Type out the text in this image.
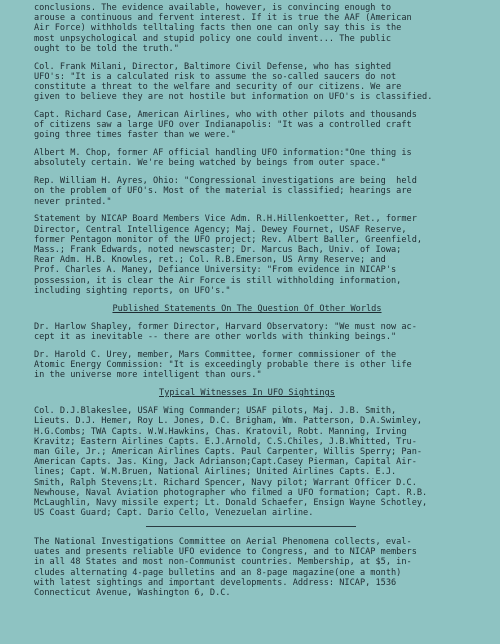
conclusions. The evidence available, however, is convincing enough to
arouse a continuous and fervent interest. If it is true the AAF (American
Air Force) withholds telltaling facts then one can only say this is the
most unpsychological and stupid policy one could invent... The public
ought to be told the truth."

Col. Frank Milani, Director, Baltimore Civil Defense, who has sighted
UFO's: "It is a calculated risk to assume the so-called saucers do not
constitute a threat to the welfare and security of our citizens. We are
given to believe they are not hostile but information on UFO's is classified.

Capt. Richard Case, American Airlines, who with other pilots and thousands
of citizens saw a large UFO over Indianapolis: "It was a controlled craft
going three times faster than we were."

Albert M. Chop, former AF official handling UFO information:"One thing is
absolutely certain. We're being watched by beings from outer space."

Rep. William H. Ayres, Ohio: "Congressional investigations are being  held
on the problem of UFO's. Most of the material is classified; hearings are
never printed."

Statement by NICAP Board Members Vice Adm. R.H.Hillenkoetter, Ret., former
Director, Central Intelligence Agency; Maj. Dewey Fournet, USAF Reserve,
former Pentagon monitor of the UFO project; Rev. Albert Baller, Greenfield,
Mass.; Frank Edwards, noted newscaster; Dr. Marcus Bach, Univ. of Iowa;
Rear Adm. H.B. Knowles, ret.; Col. R.B.Emerson, US Army Reserve; and
Prof. Charles A. Maney, Defiance University: "From evidence in NICAP's
possession, it is clear the Air Force is still withholding information,
including sighting reports, on UFO's."

Published Statements On The Question Of Other Worlds

Dr. Harlow Shapley, former Director, Harvard Observatory: "We must now ac-
cept it as inevitable -- there are other worlds with thinking beings."

Dr. Harold C. Urey, member, Mars Committee, former commissioner of the
Atomic Energy Commission: "It is exceedingly probable there is other life
in the universe more intelligent than ours."

Typical Witnesses In UFO Sightings

Col. D.J.Blakeslee, USAF Wing Commander; USAF pilots, Maj. J.B. Smith,
Lieuts. D.J. Hemer, Roy L. Jones, D.C. Brigham, Wm. Patterson, D.A.Swimley,
H.G.Combs; TWA Capts. W.W.Hawkins, Chas. Kratovil, Robt. Manning, Irving
Kravitz; Eastern Airlines Capts. E.J.Arnold, C.S.Chiles, J.B.Whitted, Tru-
man Gile, Jr.; American Airlines Capts. Paul Carpenter, Willis Sperry; Pan-
American Capts. Jas. King, Jack Adrianson;Capt.Casey Pierman, Capital Air-
lines; Capt. W.M.Bruen, National Airlines; United Airlines Capts. E.J.
Smith, Ralph Stevens;Lt. Richard Spencer, Navy pilot; Warrant Officer D.C.
Newhouse, Naval Aviation photographer who filmed a UFO formation; Capt. R.B.
McLaughlin, Navy missile expert; Lt. Donald Schaefer, Ensign Wayne Schotley,
US Coast Guard; Capt. Dario Cello, Venezuelan airline.

The National Investigations Committee on Aerial Phenomena collects, eval-
uates and presents reliable UFO evidence to Congress, and to NICAP members
in all 48 States and most non-Communist countries. Membership, at $5, in-
cludes alternating 4-page bulletins and an 8-page magazine(one a month)
with latest sightings and important developments. Address: NICAP, 1536
Connecticut Avenue, Washington 6, D.C.
